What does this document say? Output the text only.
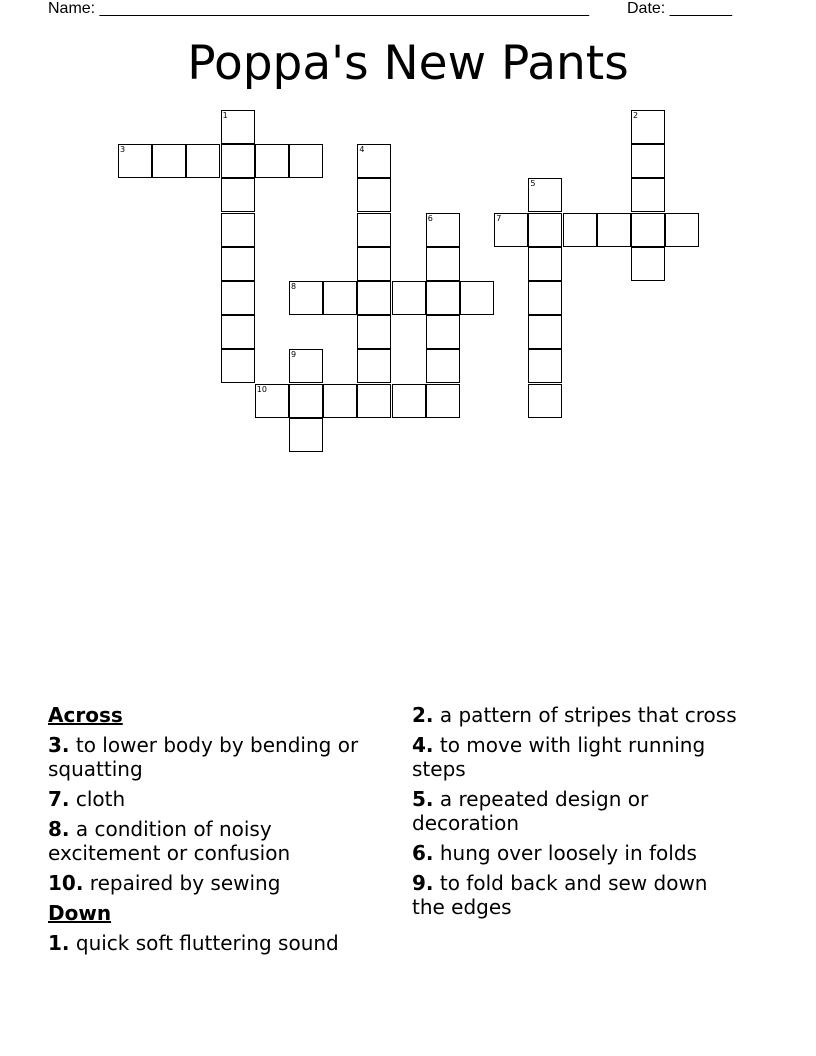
Name: _______________________________________________________ Date: _______
Poppa's New Pants
1	2
3	4
5
6	7
8
9
10
Across
3. to lower body by bending or squatting
7. cloth
8. a condition of noisy excitement or confusion
10. repaired by sewing
Down
1. quick soft fluttering sound
2. a pattern of stripes that cross
4. to move with light running steps
5. a repeated design or decoration
6. hung over loosely in folds
9. to fold back and sew down the edges
